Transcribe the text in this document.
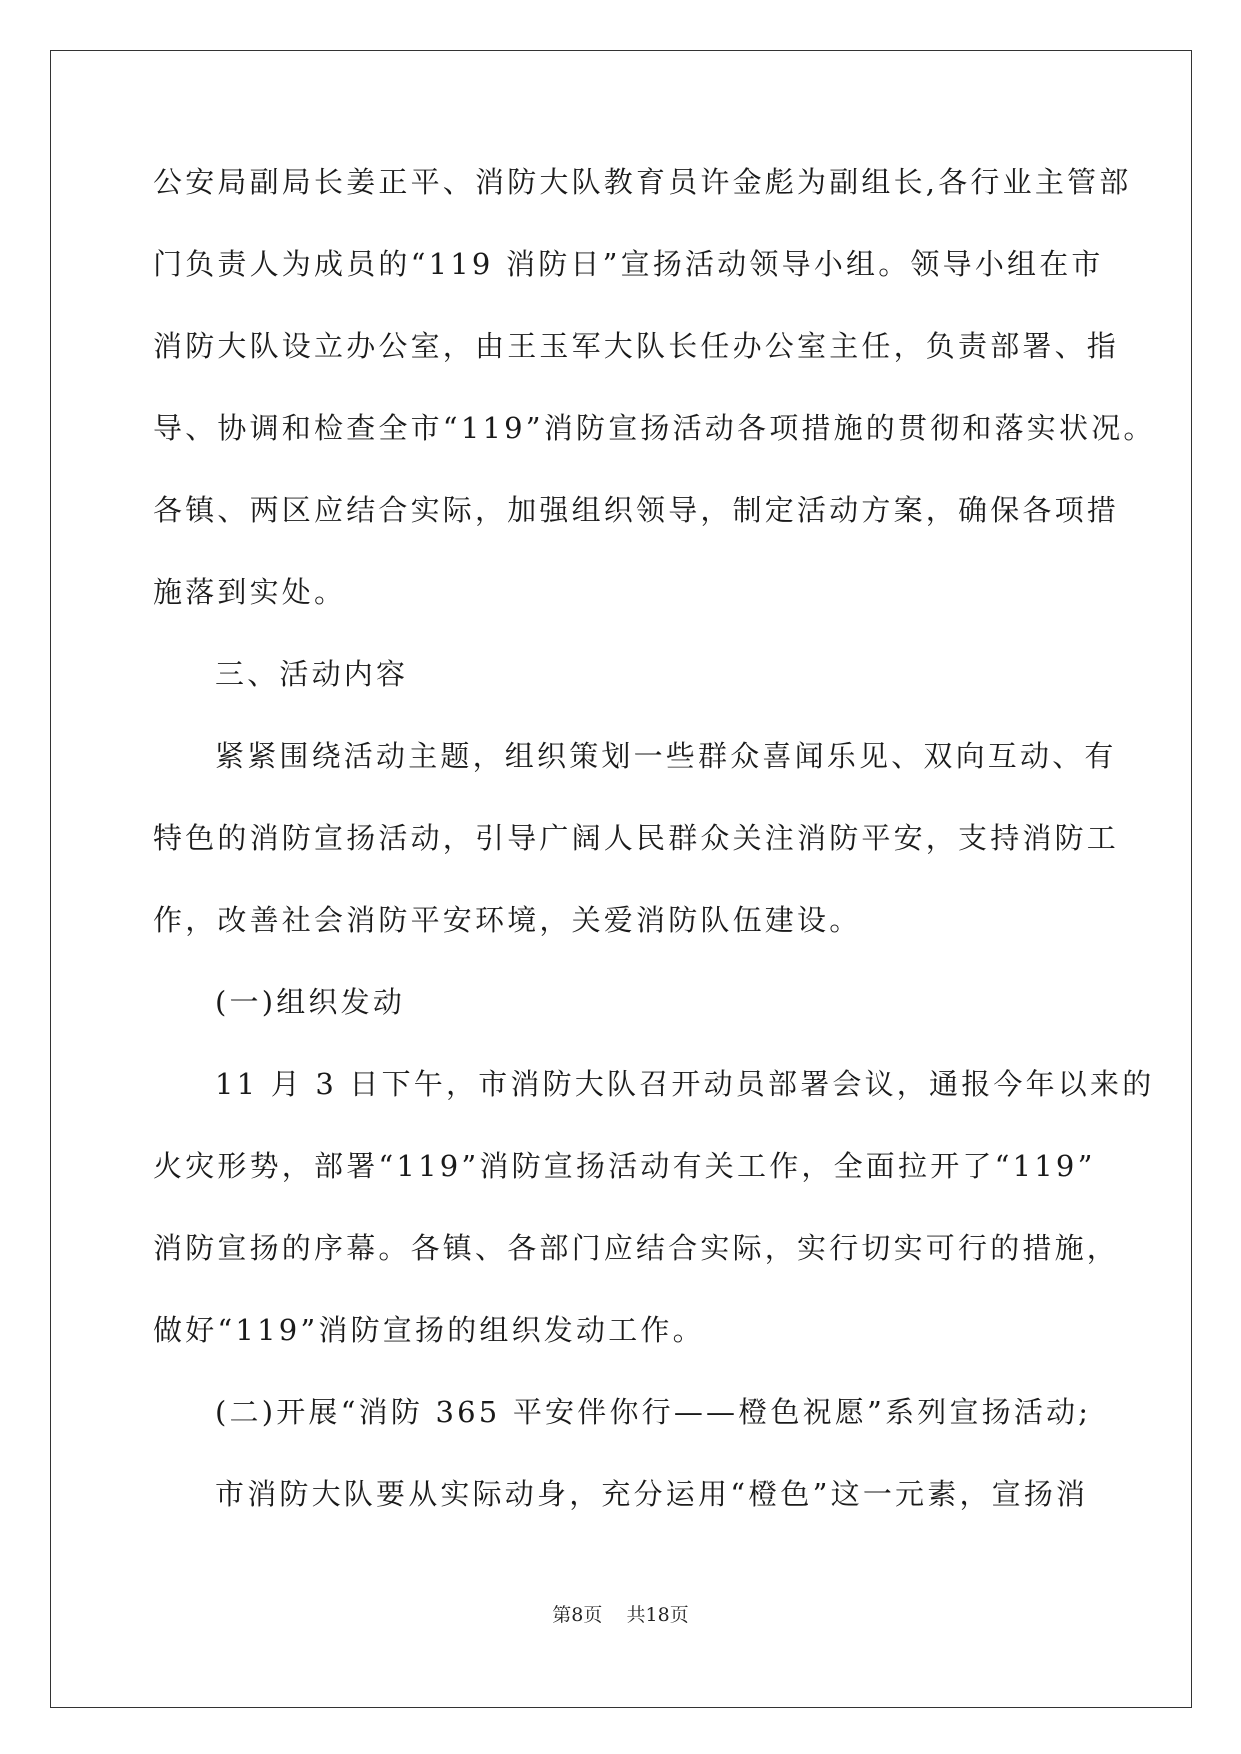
公安局副局长姜正平、消防大队教育员许金彪为副组长,各行业主管部
门负责人为成员的“119 消防日”宣扬活动领导小组。领导小组在市
消防大队设立办公室，由王玉军大队长任办公室主任，负责部署、指
导、协调和检查全市“119”消防宣扬活动各项措施的贯彻和落实状况。
各镇、两区应结合实际，加强组织领导，制定活动方案，确保各项措
施落到实处。
三、活动内容
紧紧围绕活动主题，组织策划一些群众喜闻乐见、双向互动、有
特色的消防宣扬活动，引导广阔人民群众关注消防平安，支持消防工
作，改善社会消防平安环境，关爱消防队伍建设。
(一)组织发动
11 月 3 日下午，市消防大队召开动员部署会议，通报今年以来的
火灾形势，部署“119”消防宣扬活动有关工作，全面拉开了“119”
消防宣扬的序幕。各镇、各部门应结合实际，实行切实可行的措施，
做好“119”消防宣扬的组织发动工作。
(二)开展“消防 365 平安伴你行——橙色祝愿”系列宣扬活动;
市消防大队要从实际动身，充分运用“橙色”这一元素，宣扬消
第8页    共18页
